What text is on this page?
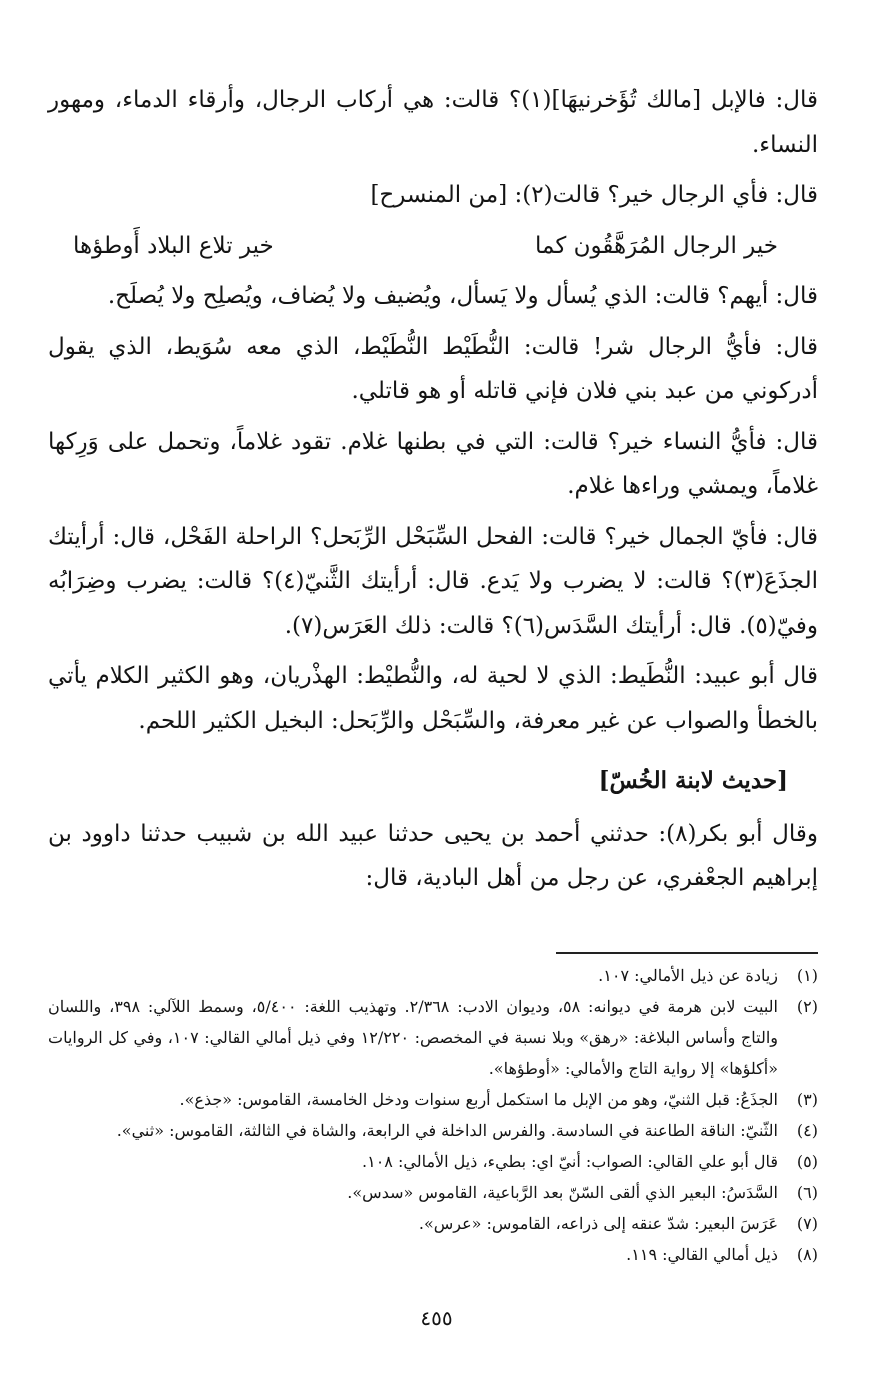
قال: فالإبل [مالك تُؤَخرنيهَا](١)؟ قالت: هي أركاب الرجال، وأرقاء الدماء، ومهور النساء.

قال: فأي الرجال خير؟ قالت(٢): [من المنسرح]

خير الرجال المُرَهَّقُون كما
خير تلاع البلاد أَوطؤها

قال: أيهم؟ قالت: الذي يُسأل ولا يَسأل، ويُضيف ولا يُضاف، ويُصلِح ولا يُصلَح.

قال: فأيُّ الرجال شر! قالت: النُّطَيْط النُّطَيْط، الذي معه سُوَيط، الذي يقول أدركوني من عبد بني فلان فإني قاتله أو هو قاتلي.

قال: فأيُّ النساء خير؟ قالت: التي في بطنها غلام. تقود غلاماً، وتحمل على وَرِكها غلاماً، ويمشي وراءها غلام.

قال: فأيّ الجمال خير؟ قالت: الفحل السِّبَحْل الرِّبَحل؟ الراحلة الفَحْل، قال: أرأيتك الجذَعَ(٣)؟ قالت: لا يضرب ولا يَدع. قال: أرأيتك الثَّنيّ(٤)؟ قالت: يضرب وضِرَابُه وفيّ(٥). قال: أرأيتك السَّدَس(٦)؟ قالت: ذلك العَرَس(٧).

قال أبو عبيد: النُّطَيط: الذي لا لحية له، والنُّطيْط: الهذْريان، وهو الكثير الكلام يأتي بالخطأ والصواب عن غير معرفة، والسِّبَحْل والرِّبَحل: البخيل الكثير اللحم.

[حديث لابنة الخُسّ]

وقال أبو بكر(٨): حدثني أحمد بن يحيى حدثنا عبيد الله بن شبيب حدثنا داوود بن إبراهيم الجعْفري، عن رجل من أهل البادية، قال:

(١)
زيادة عن ذيل الأمالي: ١٠٧.
(٢)
البيت لابن هرمة في ديوانه: ٥٨، وديوان الادب: ٢/٣٦٨. وتهذيب اللغة: ٥/٤٠٠، وسمط اللآلي: ٣٩٨، واللسان والتاج وأساس البلاغة: «رهق» وبلا نسبة في المخصص: ١٢/٢٢٠ وفي ذيل أمالي القالي: ١٠٧، وفي كل الروايات «أكلؤها» إلا رواية التاج والأمالي: «أوطؤها».
(٣)
الجذَعُ: قبل الثنيّ، وهو من الإبل ما استكمل أربع سنوات ودخل الخامسة، القاموس: «جذع».
(٤)
الثّنيّ: الناقة الطاعنة في السادسة. والفرس الداخلة في الرابعة، والشاة في الثالثة، القاموس: «ثني».
(٥)
قال أبو علي القالي: الصواب: أنيّ اي: بطيء، ذيل الأمالي: ١٠٨.
(٦)
السَّدَسُ: البعير الذي ألقى السّنّ بعد الرَّباعية، القاموس «سدس».
(٧)
عَرَسَ البعير: شدّ عنقه إلى ذراعه، القاموس: «عرس».
(٨)
ذيل أمالي القالي: ١١٩.
٤٥٥
